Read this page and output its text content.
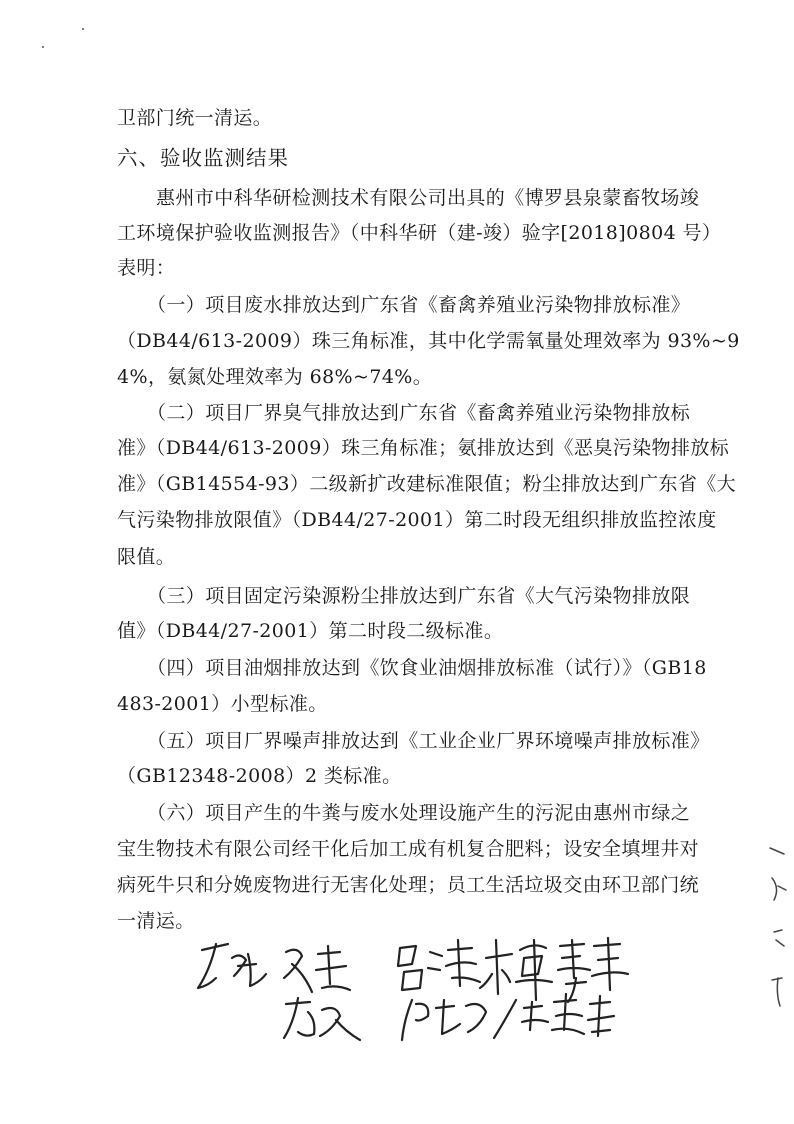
卫部门统一清运。
六、验收监测结果
惠州市中科华研检测技术有限公司出具的《博罗县泉蒙畜牧场竣
工环境保护验收监测报告》（中科华研（建-竣）验字[2018]0804 号）
表明：
（一）项目废水排放达到广东省《畜禽养殖业污染物排放标准》
（DB44/613-2009）珠三角标准，其中化学需氧量处理效率为 93%~9
4%，氨氮处理效率为 68%~74%。
（二）项目厂界臭气排放达到广东省《畜禽养殖业污染物排放标
准》（DB44/613-2009）珠三角标准；氨排放达到《恶臭污染物排放标
准》（GB14554-93）二级新扩改建标准限值；粉尘排放达到广东省《大
气污染物排放限值》（DB44/27-2001）第二时段无组织排放监控浓度
限值。
（三）项目固定污染源粉尘排放达到广东省《大气污染物排放限
值》（DB44/27-2001）第二时段二级标准。
（四）项目油烟排放达到《饮食业油烟排放标准（试行）》（GB18
483-2001）小型标准。
（五）项目厂界噪声排放达到《工业企业厂界环境噪声排放标准》
（GB12348-2008）2 类标准。
（六）项目产生的牛粪与废水处理设施产生的污泥由惠州市绿之
宝生物技术有限公司经干化后加工成有机复合肥料；设安全填埋井对
病死牛只和分娩废物进行无害化处理；员工生活垃圾交由环卫部门统
一清运。
